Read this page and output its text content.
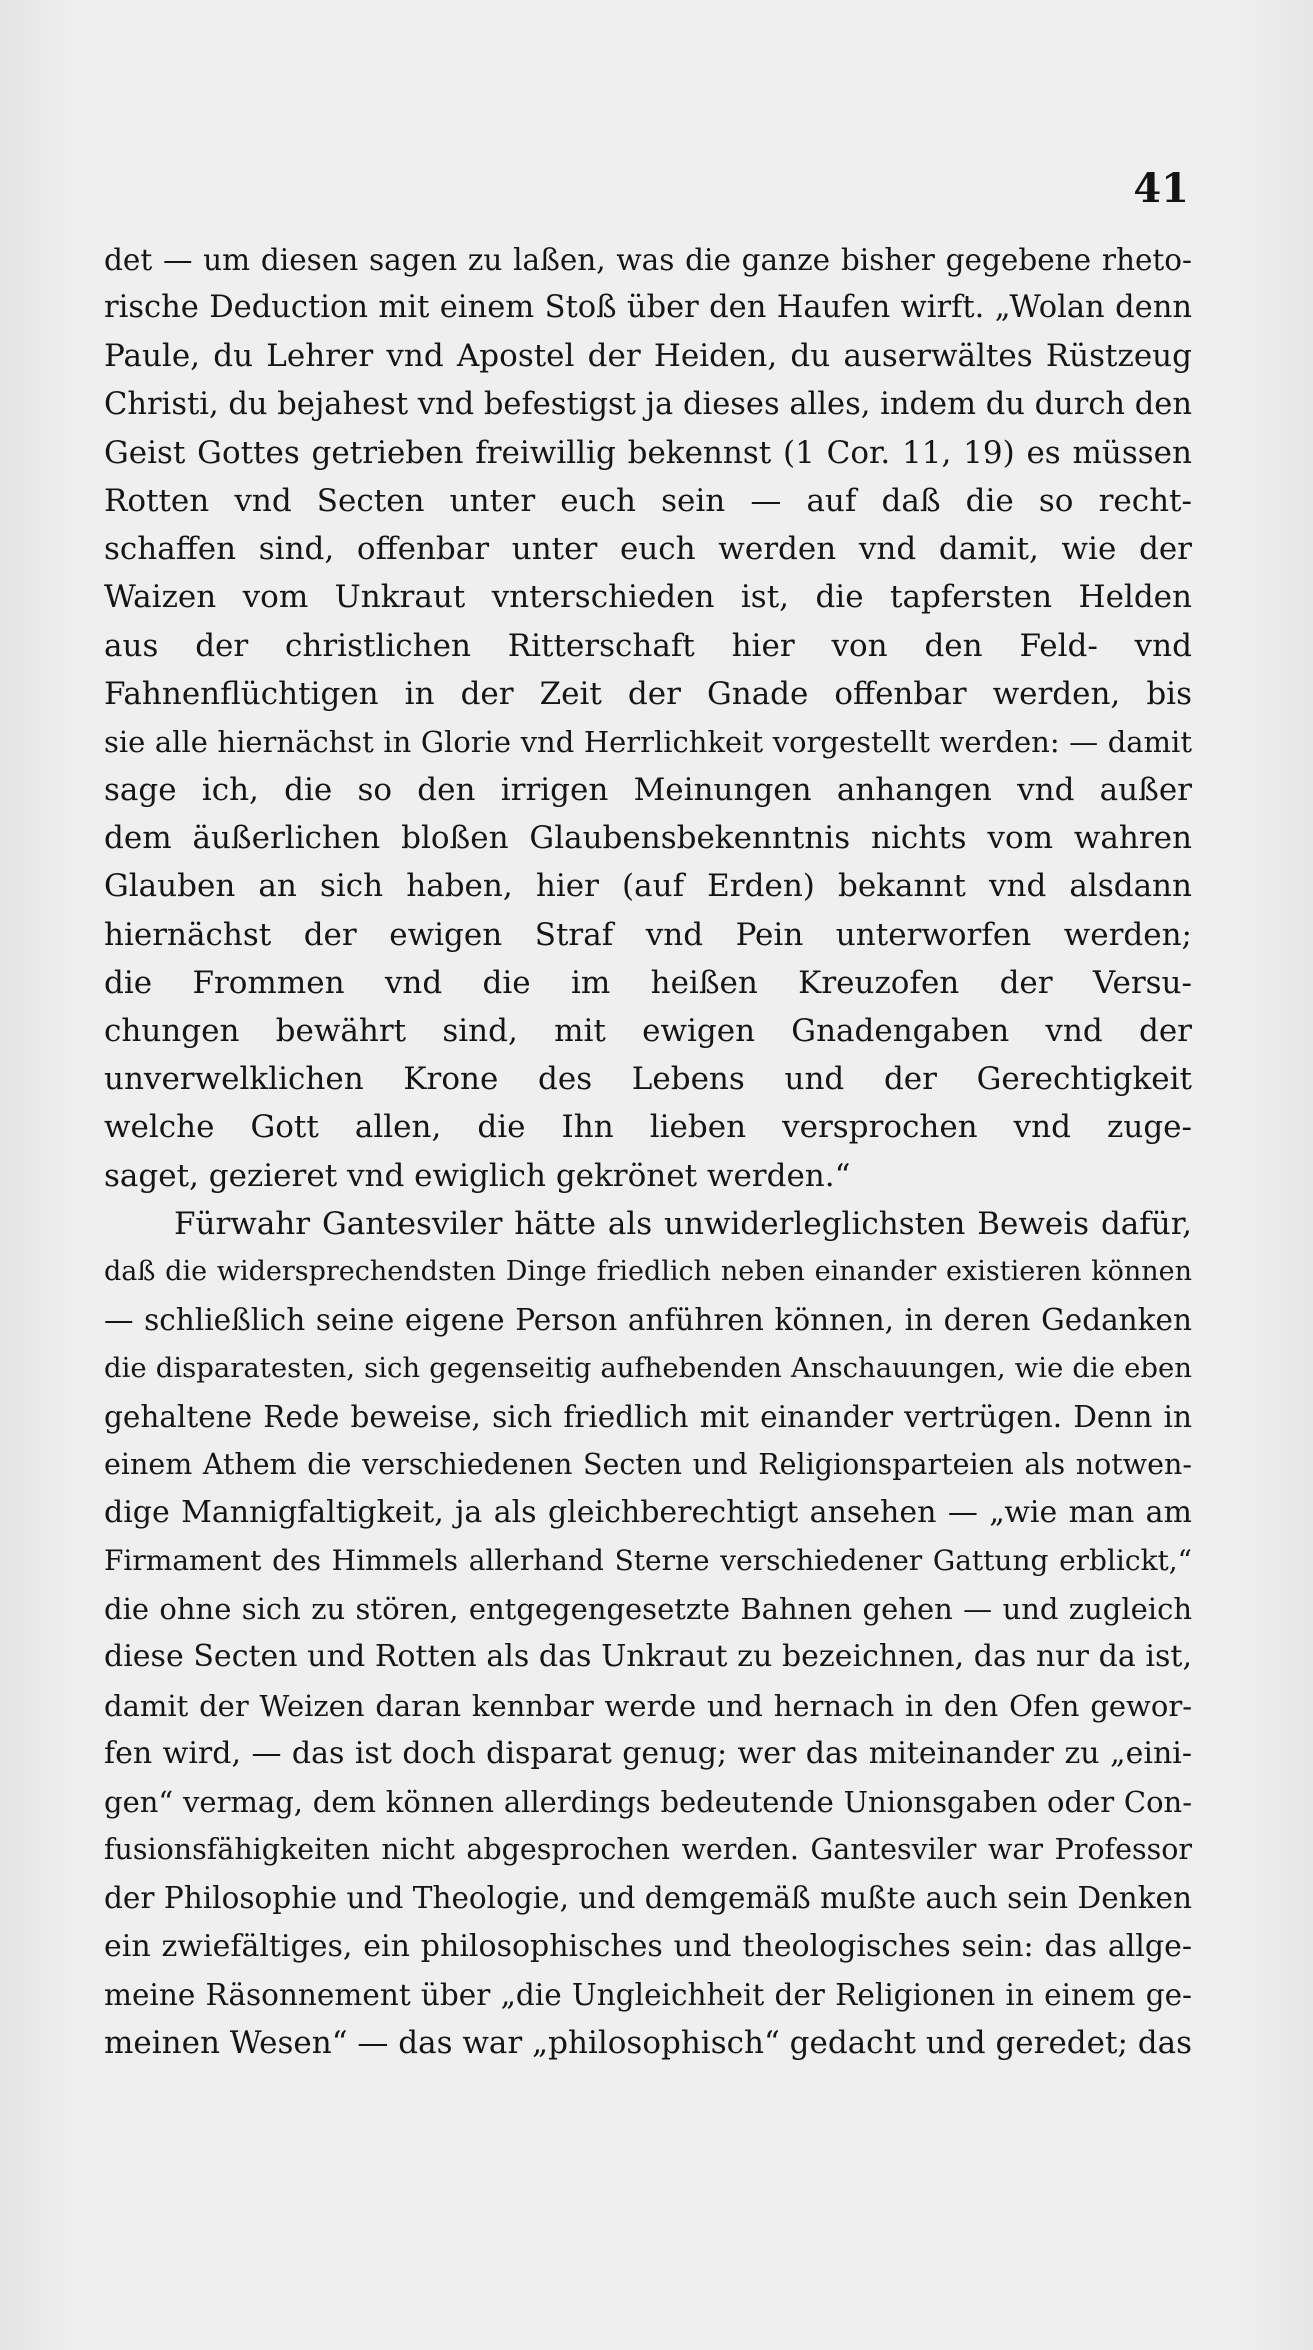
41
det — um diesen sagen zu laßen, was die ganze bisher gegebene rheto-
rische Deduction mit einem Stoß über den Haufen wirft. „Wolan denn
Paule, du Lehrer vnd Apostel der Heiden, du auserwältes Rüstzeug
Christi, du bejahest vnd befestigst ja dieses alles, indem du durch den
Geist Gottes getrieben freiwillig bekennst (1 Cor. 11, 19) es müssen
Rotten vnd Secten unter euch sein — auf daß die so recht-
schaffen sind, offenbar unter euch werden vnd damit, wie der
Waizen vom Unkraut vnterschieden ist, die tapfersten Helden
aus der christlichen Ritterschaft hier von den Feld- vnd
Fahnenflüchtigen in der Zeit der Gnade offenbar werden, bis
sie alle hiernächst in Glorie vnd Herrlichkeit vorgestellt werden: — damit
sage ich, die so den irrigen Meinungen anhangen vnd außer
dem äußerlichen bloßen Glaubensbekenntnis nichts vom wahren
Glauben an sich haben, hier (auf Erden) bekannt vnd alsdann
hiernächst der ewigen Straf vnd Pein unterworfen werden;
die Frommen vnd die im heißen Kreuzofen der Versu-
chungen bewährt sind, mit ewigen Gnadengaben vnd der
unverwelklichen Krone des Lebens und der Gerechtigkeit
welche Gott allen, die Ihn lieben versprochen vnd zuge-
saget, gezieret vnd ewiglich gekrönet werden.“
Fürwahr Gantesviler hätte als unwiderleglichsten Beweis dafür,
daß die widersprechendsten Dinge friedlich neben einander existieren können
— schließlich seine eigene Person anführen können, in deren Gedanken
die disparatesten, sich gegenseitig aufhebenden Anschauungen, wie die eben
gehaltene Rede beweise, sich friedlich mit einander vertrügen. Denn in
einem Athem die verschiedenen Secten und Religionsparteien als notwen-
dige Mannigfaltigkeit, ja als gleichberechtigt ansehen — „wie man am
Firmament des Himmels allerhand Sterne verschiedener Gattung erblickt,“
die ohne sich zu stören, entgegengesetzte Bahnen gehen — und zugleich
diese Secten und Rotten als das Unkraut zu bezeichnen, das nur da ist,
damit der Weizen daran kennbar werde und hernach in den Ofen gewor-
fen wird, — das ist doch disparat genug; wer das miteinander zu „eini-
gen“ vermag, dem können allerdings bedeutende Unionsgaben oder Con-
fusionsfähigkeiten nicht abgesprochen werden. Gantesviler war Professor
der Philosophie und Theologie, und demgemäß mußte auch sein Denken
ein zwiefältiges, ein philosophisches und theologisches sein: das allge-
meine Räsonnement über „die Ungleichheit der Religionen in einem ge-
meinen Wesen“ — das war „philosophisch“ gedacht und geredet; das
